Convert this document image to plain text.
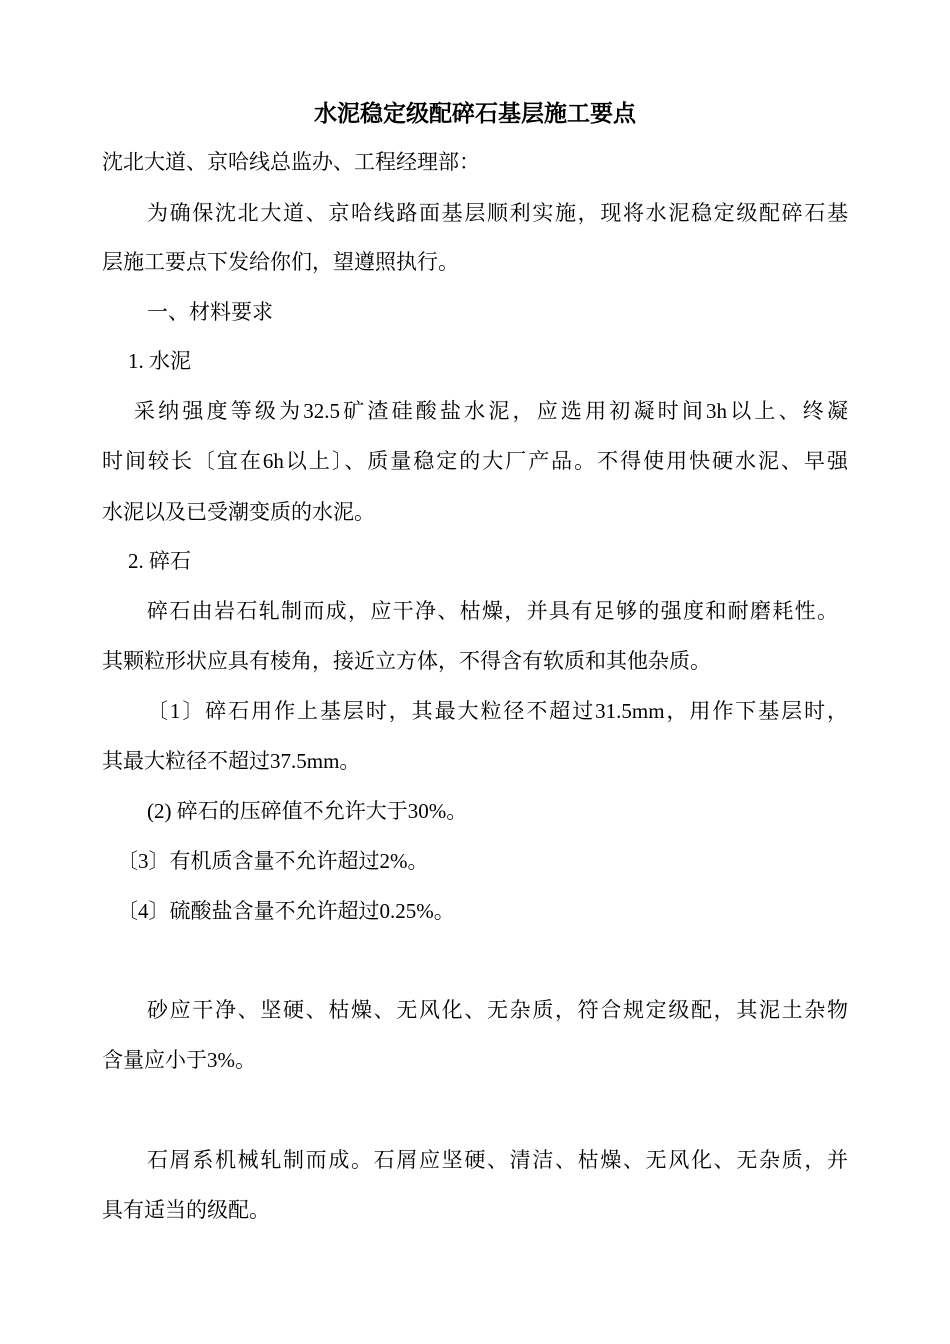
水泥稳定级配碎石基层施工要点

沈北大道、京哈线总监办、工程经理部：

为确保沈北大道、京哈线路面基层顺利实施，现将水泥稳定级配碎石基

层施工要点下发给你们，望遵照执行。

一、材料要求

1. 水泥

采纳强度等级为32.5矿渣硅酸盐水泥，应选用初凝时间3h以上、终凝

时间较长〔宜在6h以上〕、质量稳定的大厂产品。不得使用快硬水泥、早强

水泥以及已受潮变质的水泥。

2. 碎石

碎石由岩石轧制而成，应干净、枯燥，并具有足够的强度和耐磨耗性。

其颗粒形状应具有棱角，接近立方体，不得含有软质和其他杂质。

〔1〕碎石用作上基层时，其最大粒径不超过31.5mm，用作下基层时，

其最大粒径不超过37.5mm。

(2) 碎石的压碎值不允许大于30%。

〔3〕有机质含量不允许超过2%。

〔4〕硫酸盐含量不允许超过0.25%。

砂应干净、坚硬、枯燥、无风化、无杂质，符合规定级配，其泥土杂物

含量应小于3%。

石屑系机械轧制而成。石屑应坚硬、清洁、枯燥、无风化、无杂质，并

具有适当的级配。
